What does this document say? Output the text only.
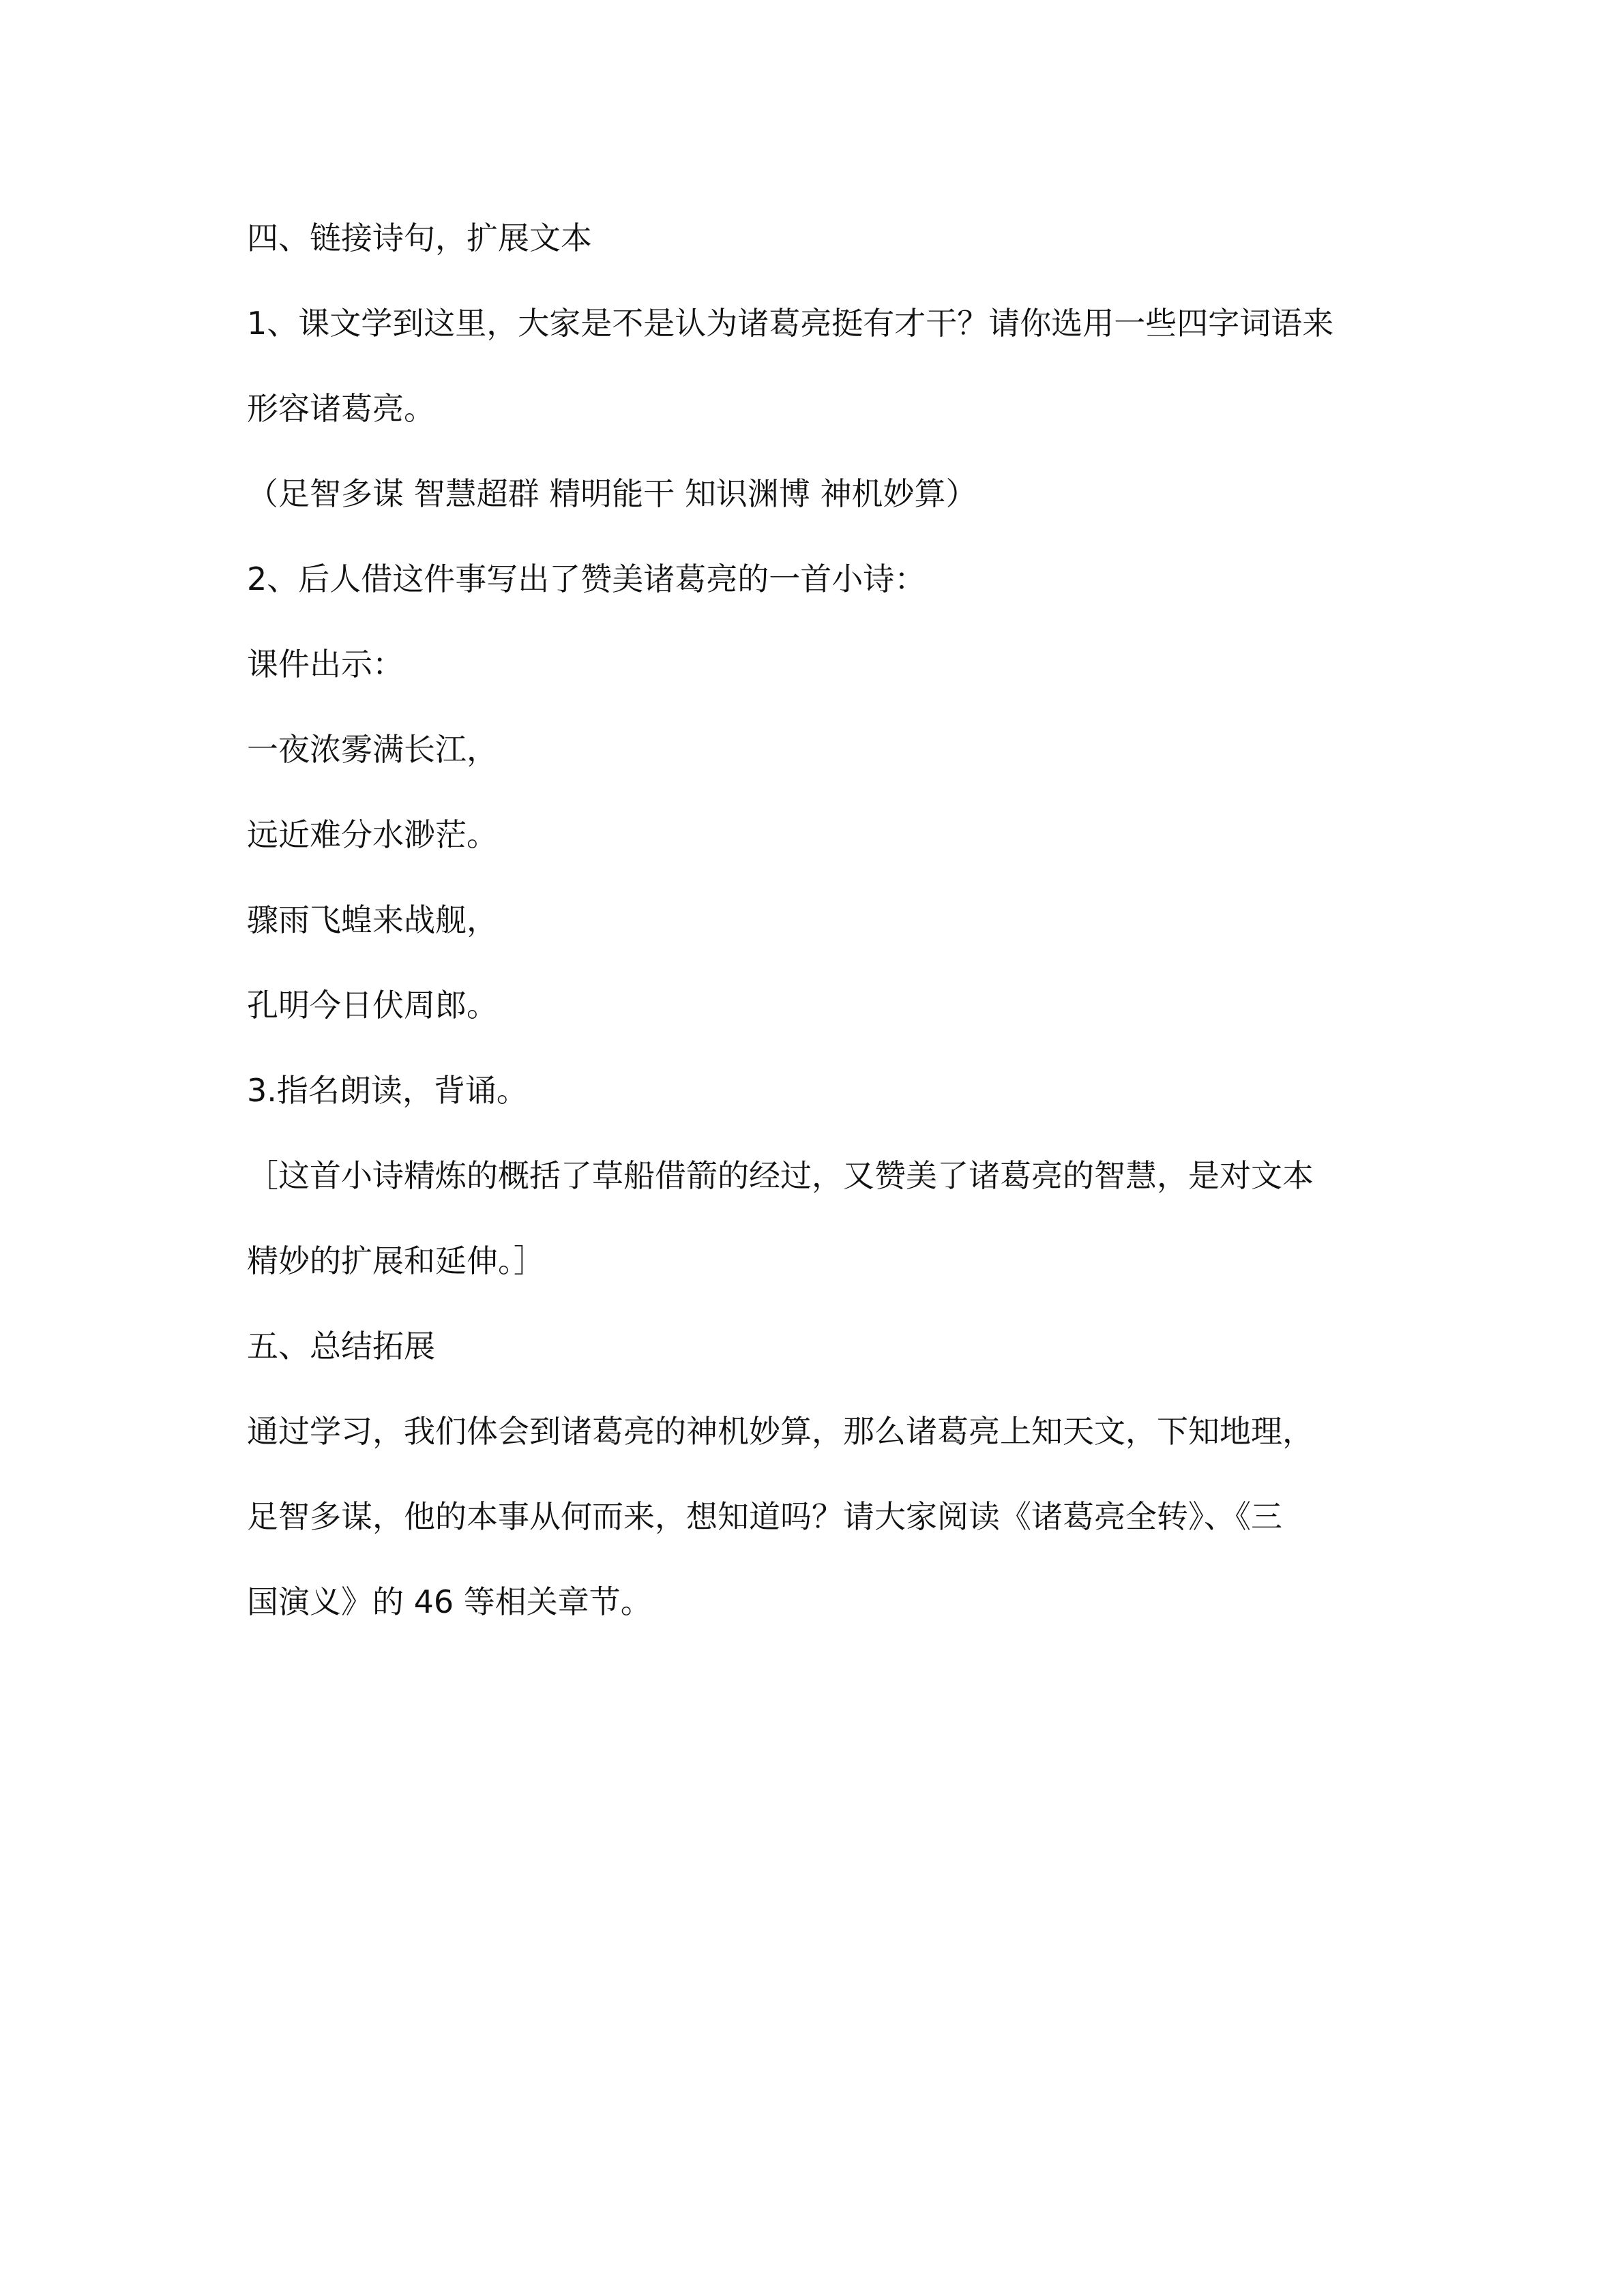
四、链接诗句，扩展文本
1、课文学到这里，大家是不是认为诸葛亮挺有才干？请你选用一些四字词语来
形容诸葛亮。
（足智多谋 智慧超群 精明能干 知识渊博 神机妙算）
2、后人借这件事写出了赞美诸葛亮的一首小诗：
课件出示：
一夜浓雾满长江，
远近难分水渺茫。
骤雨飞蝗来战舰，
孔明今日伏周郎。
3.指名朗读，背诵。
［这首小诗精炼的概括了草船借箭的经过，又赞美了诸葛亮的智慧，是对文本
精妙的扩展和延伸。］
五、总结拓展
通过学习，我们体会到诸葛亮的神机妙算，那么诸葛亮上知天文，下知地理，
足智多谋，他的本事从何而来，想知道吗？请大家阅读《诸葛亮全转》、《三
国演义》的 46 等相关章节。
